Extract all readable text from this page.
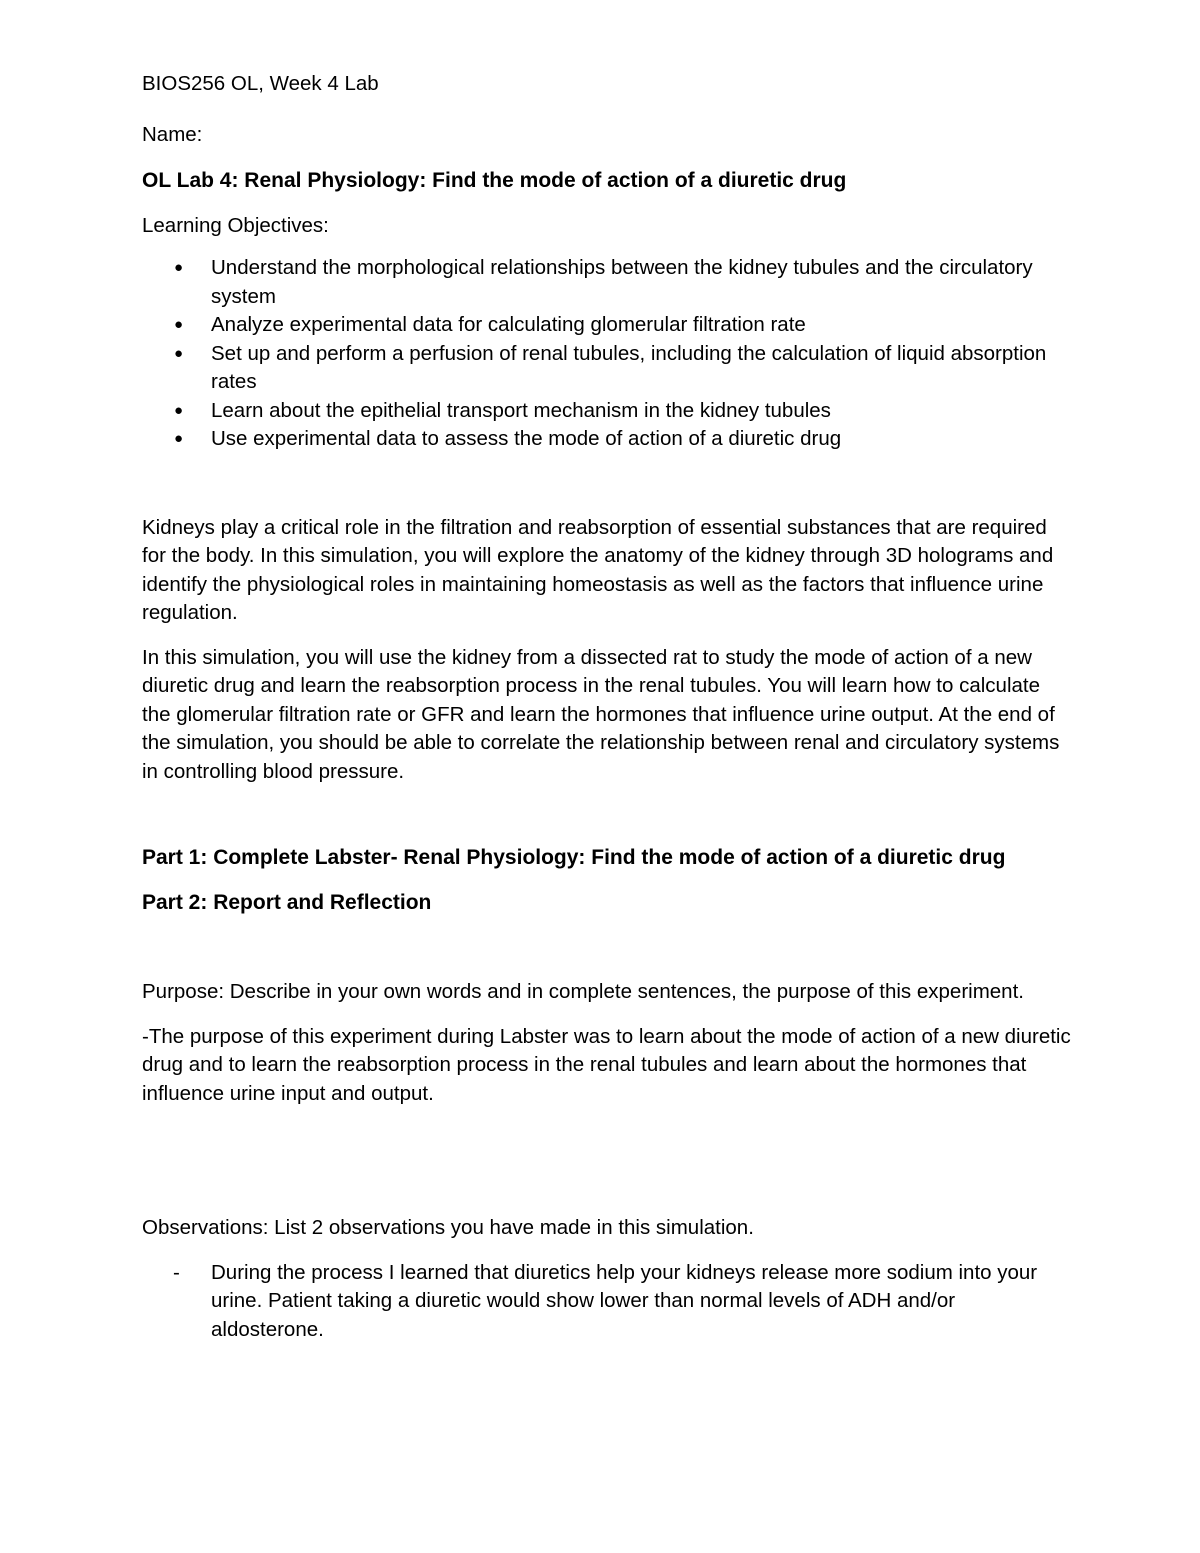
BIOS256 OL, Week 4 Lab

Name:

OL Lab 4: Renal Physiology: Find the mode of action of a diuretic drug

Learning Objectives:

● Understand the morphological relationships between the kidney tubules and the circulatory system
● Analyze experimental data for calculating glomerular filtration rate
● Set up and perform a perfusion of renal tubules, including the calculation of liquid absorption rates
● Learn about the epithelial transport mechanism in the kidney tubules
● Use experimental data to assess the mode of action of a diuretic drug

Kidneys play a critical role in the filtration and reabsorption of essential substances that are required for the body. In this simulation, you will explore the anatomy of the kidney through 3D holograms and identify the physiological roles in maintaining homeostasis as well as the factors that influence urine regulation.

In this simulation, you will use the kidney from a dissected rat to study the mode of action of a new diuretic drug and learn the reabsorption process in the renal tubules. You will learn how to calculate the glomerular filtration rate or GFR and learn the hormones that influence urine output. At the end of the simulation, you should be able to correlate the relationship between renal and circulatory systems in controlling blood pressure.

Part 1: Complete Labster- Renal Physiology: Find the mode of action of a diuretic drug

Part 2: Report and Reflection

Purpose: Describe in your own words and in complete sentences, the purpose of this experiment.

-The purpose of this experiment during Labster was to learn about the mode of action of a new diuretic drug and to learn the reabsorption process in the renal tubules and learn about the hormones that influence urine input and output.

Observations: List 2 observations you have made in this simulation.

- During the process I learned that diuretics help your kidneys release more sodium into your urine. Patient taking a diuretic would show lower than normal levels of ADH and/or aldosterone.
